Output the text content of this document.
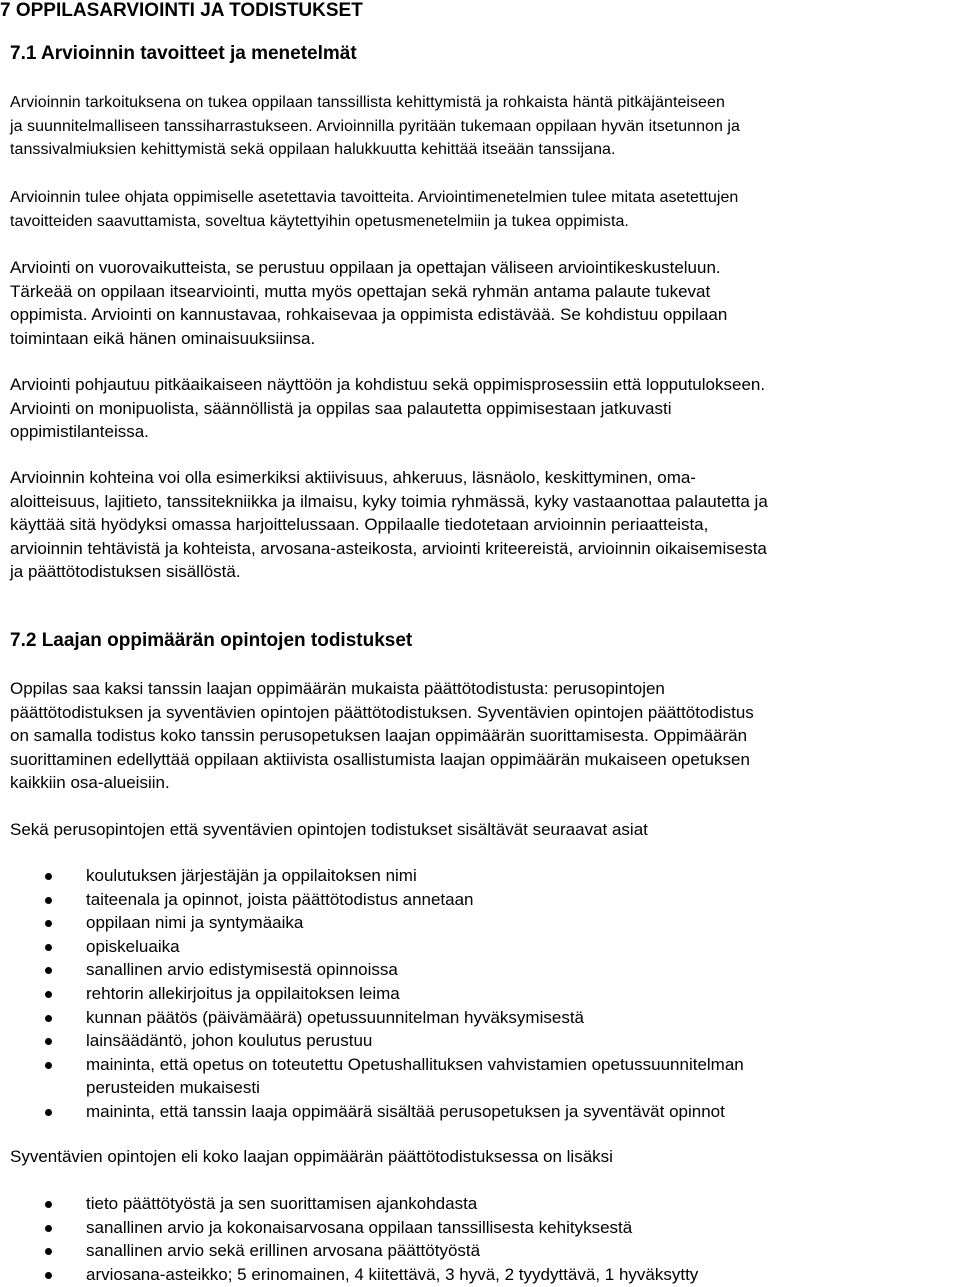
7 OPPILASARVIOINTI JA TODISTUKSET
7.1 Arvioinnin tavoitteet ja menetelmät
Arvioinnin tarkoituksena on tukea oppilaan tanssillista kehittymistä ja rohkaista häntä pitkäjänteiseen
ja suunnitelmalliseen tanssiharrastukseen. Arvioinnilla pyritään tukemaan oppilaan hyvän itsetunnon ja
tanssivalmiuksien kehittymistä sekä oppilaan halukkuutta kehittää itseään tanssijana.
Arvioinnin tulee ohjata oppimiselle asetettavia tavoitteita. Arviointimenetelmien tulee mitata asetettujen
tavoitteiden saavuttamista, soveltua käytettyihin opetusmenetelmiin ja tukea oppimista.
Arviointi on vuorovaikutteista, se perustuu oppilaan ja opettajan väliseen arviointikeskusteluun.
Tärkeää on oppilaan itsearviointi, mutta myös opettajan sekä ryhmän antama palaute tukevat
oppimista. Arviointi on kannustavaa, rohkaisevaa ja oppimista edistävää. Se kohdistuu oppilaan
toimintaan eikä hänen ominaisuuksiinsa.
Arviointi pohjautuu pitkäaikaiseen näyttöön ja kohdistuu sekä oppimisprosessiin että lopputulokseen.
Arviointi on monipuolista, säännöllistä ja oppilas saa palautetta oppimisestaan jatkuvasti
oppimistilanteissa.
Arvioinnin kohteina voi olla esimerkiksi aktiivisuus, ahkeruus, läsnäolo, keskittyminen, oma-
aloitteisuus, lajitieto, tanssitekniikka ja ilmaisu, kyky toimia ryhmässä, kyky vastaanottaa palautetta ja
käyttää sitä hyödyksi omassa harjoittelussaan. Oppilaalle tiedotetaan arvioinnin periaatteista,
arvioinnin tehtävistä ja kohteista, arvosana-asteikosta, arviointi kriteereistä, arvioinnin oikaisemisesta
ja päättötodistuksen sisällöstä.
7.2 Laajan oppimäärän opintojen todistukset
Oppilas saa kaksi tanssin laajan oppimäärän mukaista päättötodistusta: perusopintojen
päättötodistuksen ja syventävien opintojen päättötodistuksen. Syventävien opintojen päättötodistus
on samalla todistus koko tanssin perusopetuksen laajan oppimäärän suorittamisesta. Oppimäärän
suorittaminen edellyttää oppilaan aktiivista osallistumista laajan oppimäärän mukaiseen opetuksen
kaikkiin osa-alueisiin.
Sekä perusopintojen että syventävien opintojen todistukset sisältävät seuraavat asiat
koulutuksen järjestäjän ja oppilaitoksen nimi
taiteenala ja opinnot, joista päättötodistus annetaan
oppilaan nimi ja syntymäaika
opiskeluaika
sanallinen arvio edistymisestä opinnoissa
rehtorin allekirjoitus ja oppilaitoksen leima
kunnan päätös (päivämäärä) opetussuunnitelman hyväksymisestä
lainsäädäntö, johon koulutus perustuu
maininta, että opetus on toteutettu Opetushallituksen vahvistamien opetussuunnitelman
perusteiden mukaisesti
maininta, että tanssin laaja oppimäärä sisältää perusopetuksen ja syventävät opinnot
Syventävien opintojen eli koko laajan oppimäärän päättötodistuksessa on lisäksi
tieto päättötyöstä ja sen suorittamisen ajankohdasta
sanallinen arvio ja kokonaisarvosana oppilaan tanssillisesta kehityksestä
sanallinen arvio sekä erillinen arvosana päättötyöstä
arviosana-asteikko; 5 erinomainen, 4 kiitettävä, 3 hyvä, 2 tyydyttävä, 1 hyväksytty
